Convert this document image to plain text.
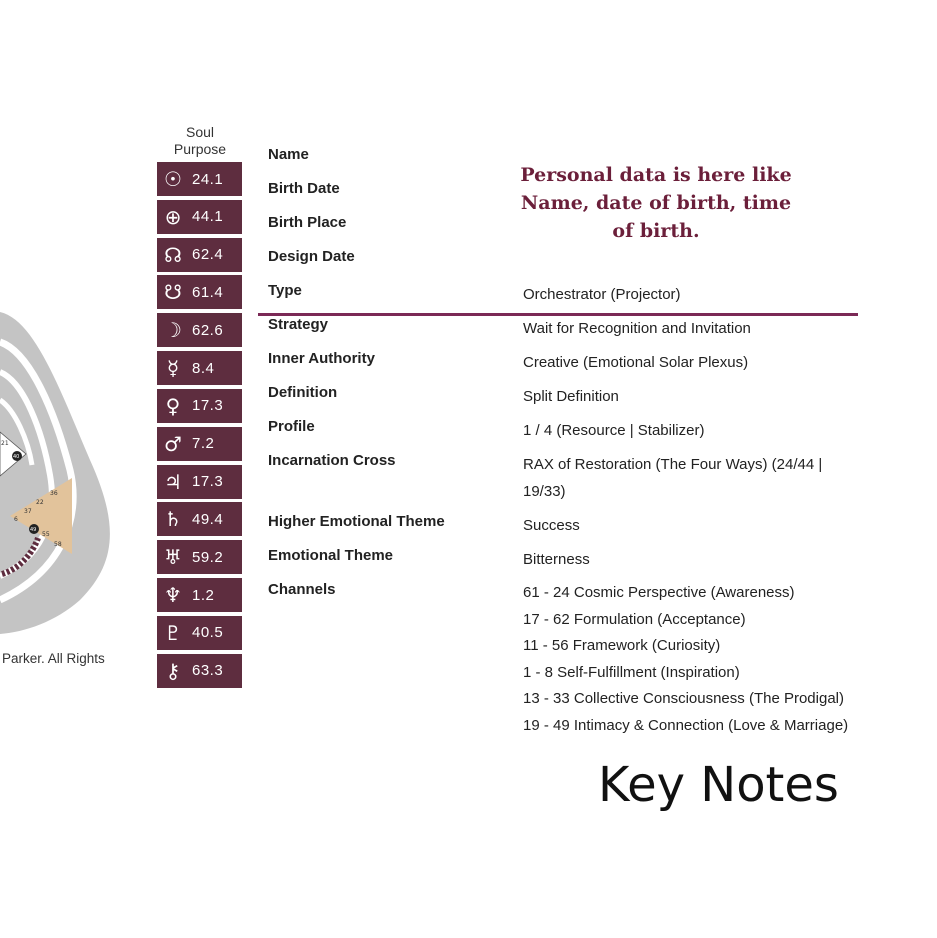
21
40
36
22
37
6
49
55
58
Parker. All Rights
Soul
Purpose
☉ 24.1
⊕ 44.1
☊ 62.4
☋ 61.4
☽ 62.6
☿ 8.4
♀ 17.3
♂ 7.2
♃ 17.3
♄ 49.4
♅ 59.2
♆ 1.2
♇ 40.5
⚷ 63.3
Name
Birth Date
Birth Place
Design Date
Personal data is here like Name, date of birth, time of birth.
Type	Orchestrator (Projector)
Strategy	Wait for Recognition and Invitation
Inner Authority	Creative (Emotional Solar Plexus)
Definition	Split Definition
Profile	1 / 4 (Resource | Stabilizer)
Incarnation Cross	RAX of Restoration (The Four Ways) (24/44 |
19/33)
Higher Emotional Theme	Success
Emotional Theme	Bitterness
Channels	61 - 24 Cosmic Perspective (Awareness)
17 - 62 Formulation (Acceptance)
11 - 56 Framework (Curiosity)
1 - 8 Self-Fulfillment (Inspiration)
13 - 33 Collective Consciousness (The Prodigal)
19 - 49 Intimacy & Connection (Love & Marriage)
Key Notes
